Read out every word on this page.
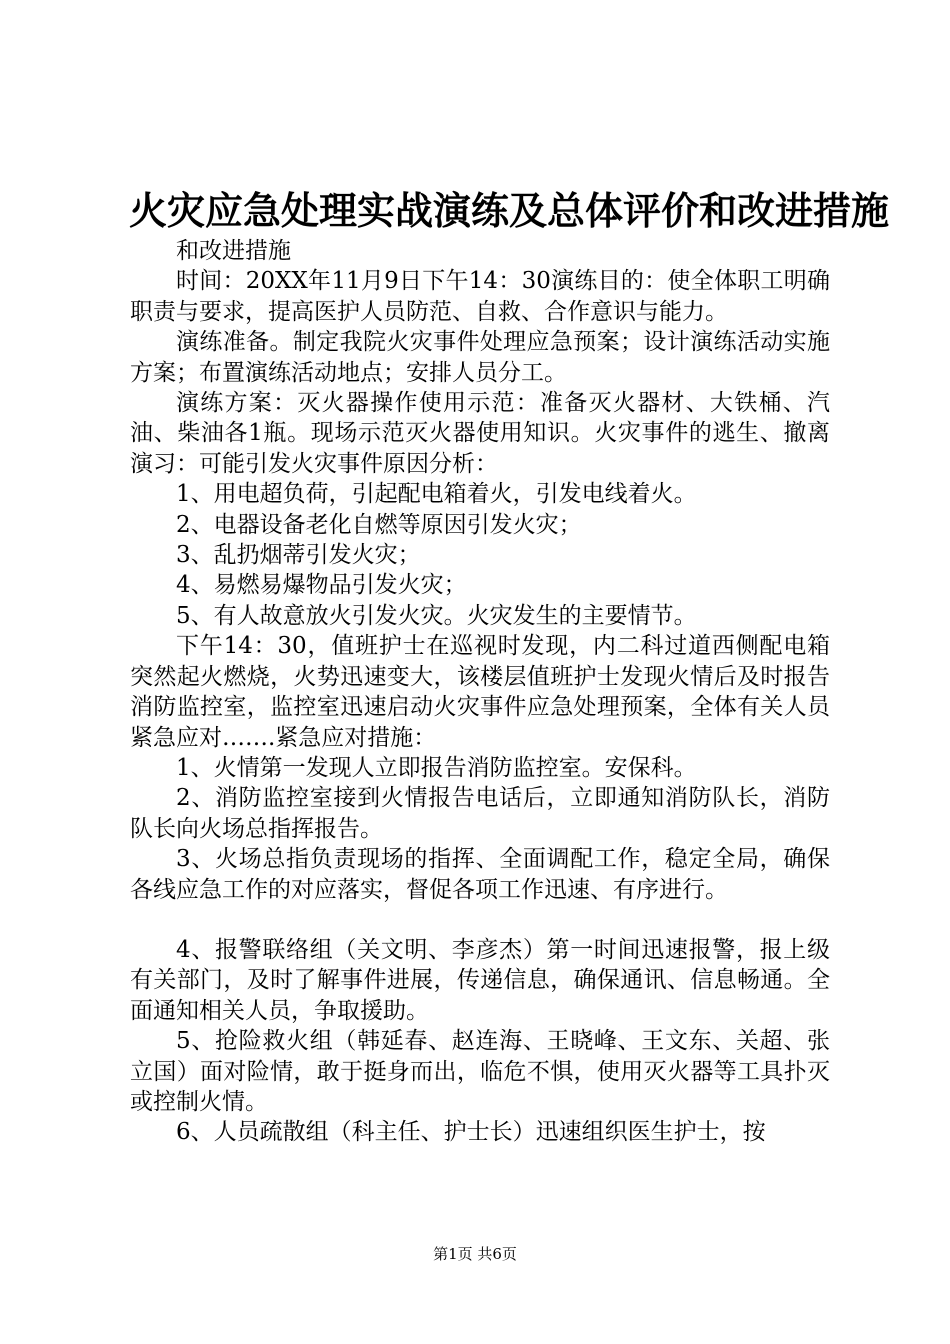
火灾应急处理实战演练及总体评价和改进措施

和改进措施

时间：20XX年11月9日下午14：30演练目的：使全体职工明确职责与要求，提高医护人员防范、自救、合作意识与能力。

演练准备。制定我院火灾事件处理应急预案；设计演练活动实施方案；布置演练活动地点；安排人员分工。

演练方案：灭火器操作使用示范：准备灭火器材、大铁桶、汽油、柴油各1瓶。现场示范灭火器使用知识。火灾事件的逃生、撤离演习：可能引发火灾事件原因分析：

1、用电超负荷，引起配电箱着火，引发电线着火。

2、电器设备老化自燃等原因引发火灾；

3、乱扔烟蒂引发火灾；

4、易燃易爆物品引发火灾；

5、有人故意放火引发火灾。火灾发生的主要情节。

下午14：30，值班护士在巡视时发现，内二科过道西侧配电箱突然起火燃烧，火势迅速变大，该楼层值班护士发现火情后及时报告消防监控室，监控室迅速启动火灾事件应急处理预案，全体有关人员紧急应对…….紧急应对措施：

1、火情第一发现人立即报告消防监控室。安保科。

2、消防监控室接到火情报告电话后，立即通知消防队长，消防队长向火场总指挥报告。

3、火场总指负责现场的指挥、全面调配工作，稳定全局，确保各线应急工作的对应落实，督促各项工作迅速、有序进行。

4、报警联络组（关文明、李彦杰）第一时间迅速报警，报上级有关部门，及时了解事件进展，传递信息，确保通讯、信息畅通。全面通知相关人员，争取援助。

5、抢险救火组（韩延春、赵连海、王晓峰、王文东、关超、张立国）面对险情，敢于挺身而出，临危不惧，使用灭火器等工具扑灭或控制火情。

6、人员疏散组（科主任、护士长）迅速组织医生护士，按

第1页 共6页
